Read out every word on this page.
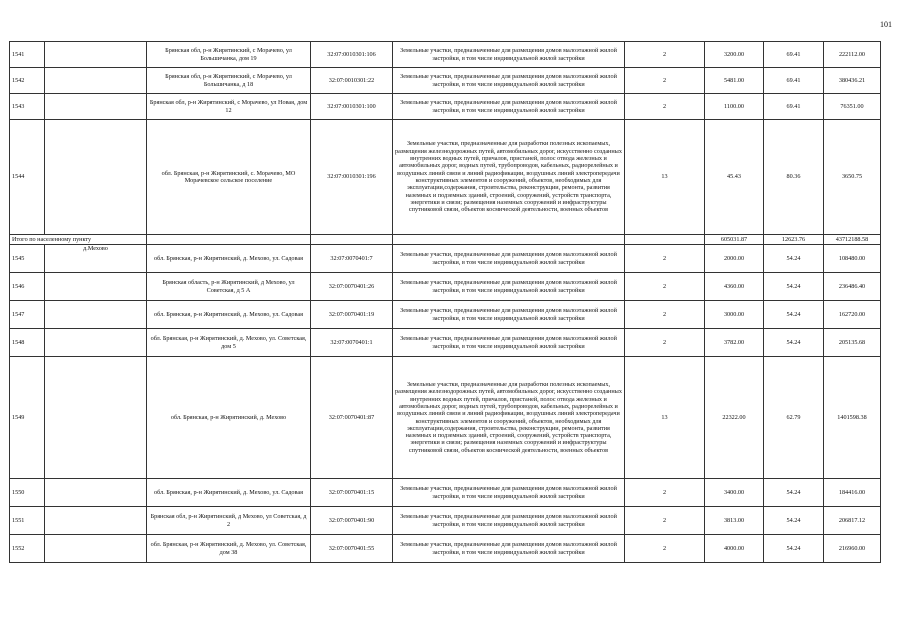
101
1541		Брянская обл, р-н Жирятинский, с Морачево, ул Большичанка, дом 19	32:07:0010301:106	Земельные участки, предназначенные для размещения домов малоэтажной жилой застройки, в том числе индивидуальной жилой застройки	2	3200.00	69.41	222112.00
1542		Брянская обл, р-н Жирятинский, с Морачево, ул Большичанка, д 18	32:07:0010301:22	Земельные участки, предназначенные для размещения домов малоэтажной жилой застройки, в том числе индивидуальной жилой застройки	2	5481.00	69.41	380436.21
1543		Брянская обл, р-н Жирятинский, с Морачево, ул Новая, дом 12	32:07:0010301:100	Земельные участки, предназначенные для размещения домов малоэтажной жилой застройки, в том числе индивидуальной жилой застройки	2	1100.00	69.41	76351.00
1544		обл. Брянская, р-н Жирятинский, с. Морачево, МО Морачевское сельское поселение	32:07:0010301:196	Земельные участки, предназначенные для разработки полезных ископаемых, размещения железнодорожных путей, автомобильных дорог, искусственно созданных внутренних водных путей, причалов, пристаней, полос отвода железных и автомобильных дорог, водных путей, трубопроводов, кабельных, радиорелейных и воздушных линий связи и линий радиофикации, воздушных линий электропередачи конструктивных элементов и сооружений, объектов, необходимых для эксплуатации,содержания, строительства, реконструкции, ремонта, развития наземных и подземных зданий, строений, сооружений, устройств транспорта, энергетики и связи; размещения наземных сооружений и инфраструктуры спутниковой связи, объектов космической деятельности, военных объектов	13	45.43	80.36	3650.75
Итого по населенному пункту						605031.87	12623.76	43712188.58
1545	д.Мехово	обл. Брянская, р-н Жирятинский, д. Мехово, ул. Садовая	32:07:0070401:7	Земельные участки, предназначенные для размещения домов малоэтажной жилой застройки, в том числе индивидуальной жилой застройки	2	2000.00	54.24	108480.00
1546		Брянская область, р-н Жирятинский, д Мехово, ул Советская, д 5 А	32:07:0070401:26	Земельные участки, предназначенные для размещения домов малоэтажной жилой застройки, в том числе индивидуальной жилой застройки	2	4360.00	54.24	236486.40
1547		обл. Брянская, р-н Жирятинский, д. Мехово, ул. Садовая	32:07:0070401:19	Земельные участки, предназначенные для размещения домов малоэтажной жилой застройки, в том числе индивидуальной жилой застройки	2	3000.00	54.24	162720.00
1548		обл. Брянская, р-н Жирятинский, д. Мехово, ул. Советская, дом 5	32:07:0070401:1	Земельные участки, предназначенные для размещения домов малоэтажной жилой застройки, в том числе индивидуальной жилой застройки	2	3782.00	54.24	205135.68
1549		обл. Брянская, р-н Жирятинский, д. Мехово	32:07:0070401:87	Земельные участки, предназначенные для разработки полезных ископаемых, размещения железнодорожных путей, автомобильных дорог, искусственно созданных внутренних водных путей, причалов, пристаней, полос отвода железных и автомобильных дорог, водных путей, трубопроводов, кабельных, радиорелейных и воздушных линий связи и линий радиофикации, воздушных линий электропередачи конструктивных элементов и сооружений, объектов, необходимых для эксплуатации,содержания, строительства, реконструкции, ремонта, развития наземных и подземных зданий, строений, сооружений, устройств транспорта, энергетики и связи; размещения наземных сооружений и инфраструктуры спутниковой связи, объектов космической деятельности, военных объектов	13	22322.00	62.79	1401598.38
1550		обл. Брянская, р-н Жирятинский, д. Мехово, ул. Садовая	32:07:0070401:15	Земельные участки, предназначенные для размещения домов малоэтажной жилой застройки, в том числе индивидуальной жилой застройки	2	3400.00	54.24	184416.00
1551		Брянская обл, р-н Жирятинский, д Мехово, ул Советская, д 2	32:07:0070401:90	Земельные участки, предназначенные для размещения домов малоэтажной жилой застройки, в том числе индивидуальной жилой застройки	2	3813.00	54.24	206817.12
1552		обл. Брянская, р-н Жирятинский, д. Мехово, ул. Советская, дом 38	32:07:0070401:55	Земельные участки, предназначенные для размещения домов малоэтажной жилой застройки, в том числе индивидуальной жилой застройки	2	4000.00	54.24	216960.00
